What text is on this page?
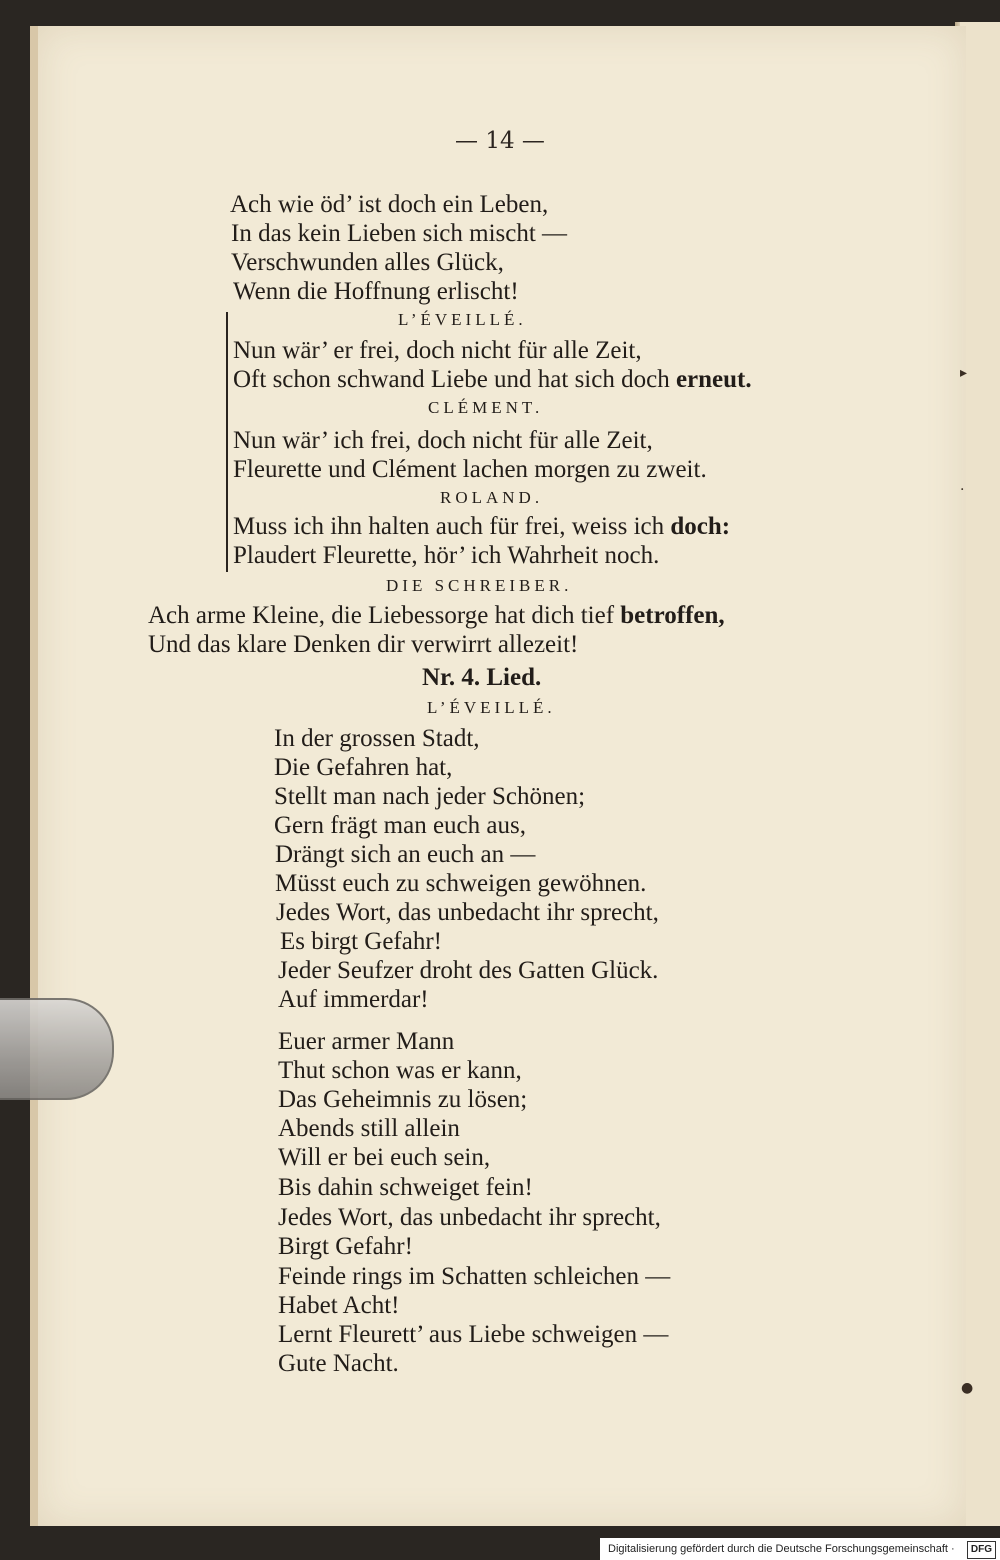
— 14 —
Ach wie öd’ ist doch ein Leben,
In das kein Lieben sich mischt —
Verschwunden alles Glück,
Wenn die Hoffnung erlischt!
L’ÉVEILLÉ.
Nun wär’ er frei, doch nicht für alle Zeit,
Oft schon schwand Liebe und hat sich doch erneut.
CLÉMENT.
Nun wär’ ich frei, doch nicht für alle Zeit,
Fleurette und Clément lachen morgen zu zweit.
ROLAND.
Muss ich ihn halten auch für frei, weiss ich doch:
Plaudert Fleurette, hör’ ich Wahrheit noch.
DIE SCHREIBER.
Ach arme Kleine, die Liebessorge hat dich tief betroffen,
Und das klare Denken dir verwirrt allezeit!
Nr. 4. Lied.
L’ÉVEILLÉ.
In der grossen Stadt,
Die Gefahren hat,
Stellt man nach jeder Schönen;
Gern frägt man euch aus,
Drängt sich an euch an —
Müsst euch zu schweigen gewöhnen.
Jedes Wort, das unbedacht ihr sprecht,
Es birgt Gefahr!
Jeder Seufzer droht des Gatten Glück.
Auf immerdar!
Euer armer Mann
Thut schon was er kann,
Das Geheimnis zu lösen;
Abends still allein
Will er bei euch sein,
Bis dahin schweiget fein!
Jedes Wort, das unbedacht ihr sprecht,
Birgt Gefahr!
Feinde rings im Schatten schleichen —
Habet Acht!
Lernt Fleurett’ aus Liebe schweigen —
Gute Nacht.
▸
·
●
Digitalisierung gefördert durch die Deutsche Forschungsgemeinschaft ·	DFG
